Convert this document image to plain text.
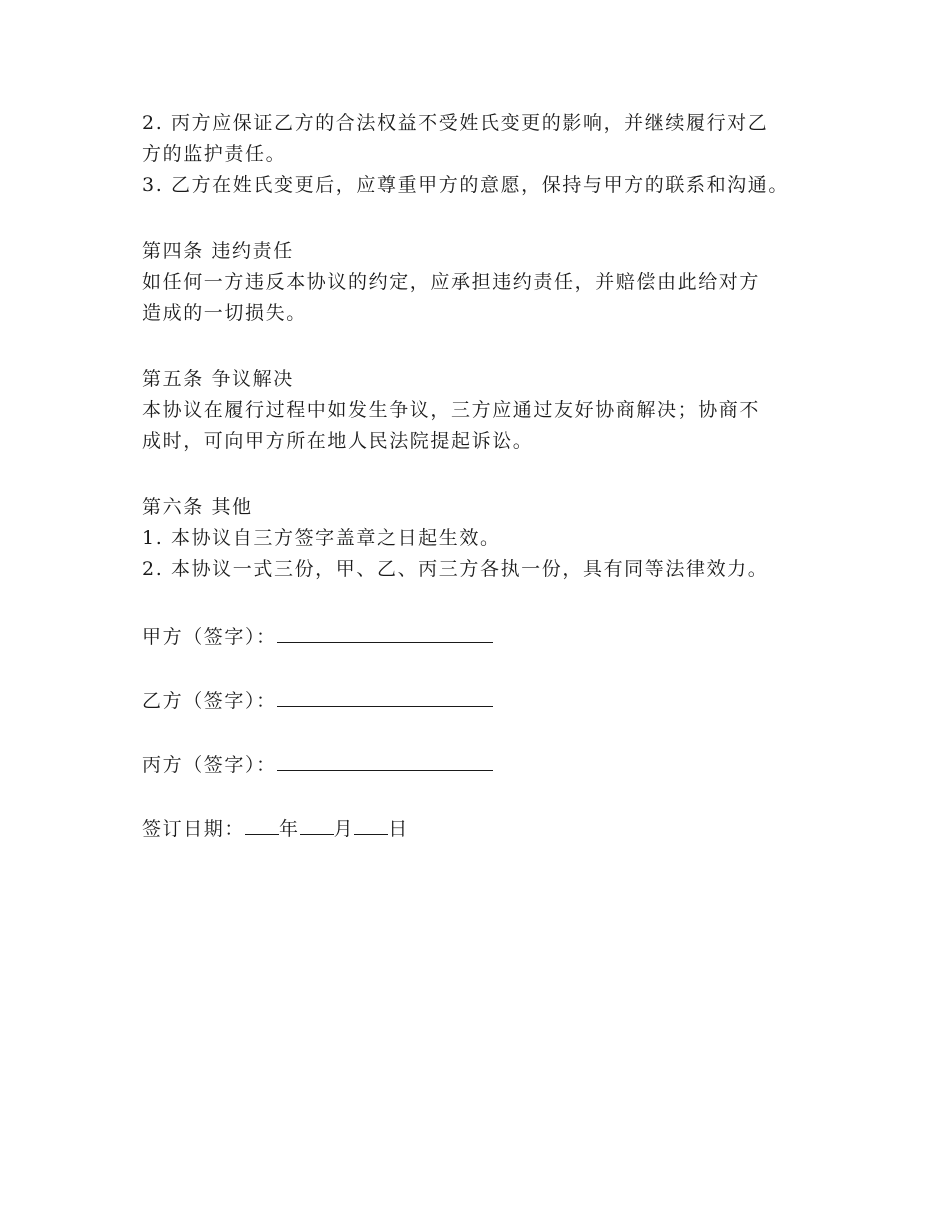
2. 丙方应保证乙方的合法权益不受姓氏变更的影响，并继续履行对乙
方的监护责任。
3. 乙方在姓氏变更后，应尊重甲方的意愿，保持与甲方的联系和沟通。
第四条 违约责任
如任何一方违反本协议的约定，应承担违约责任，并赔偿由此给对方
造成的一切损失。
第五条 争议解决
本协议在履行过程中如发生争议，三方应通过友好协商解决；协商不
成时，可向甲方所在地人民法院提起诉讼。
第六条 其他
1. 本协议自三方签字盖章之日起生效。
2. 本协议一式三份，甲、乙、丙三方各执一份，具有同等法律效力。
甲方（签字）：
乙方（签字）：
丙方（签字）：
签订日期： 年 月 日
